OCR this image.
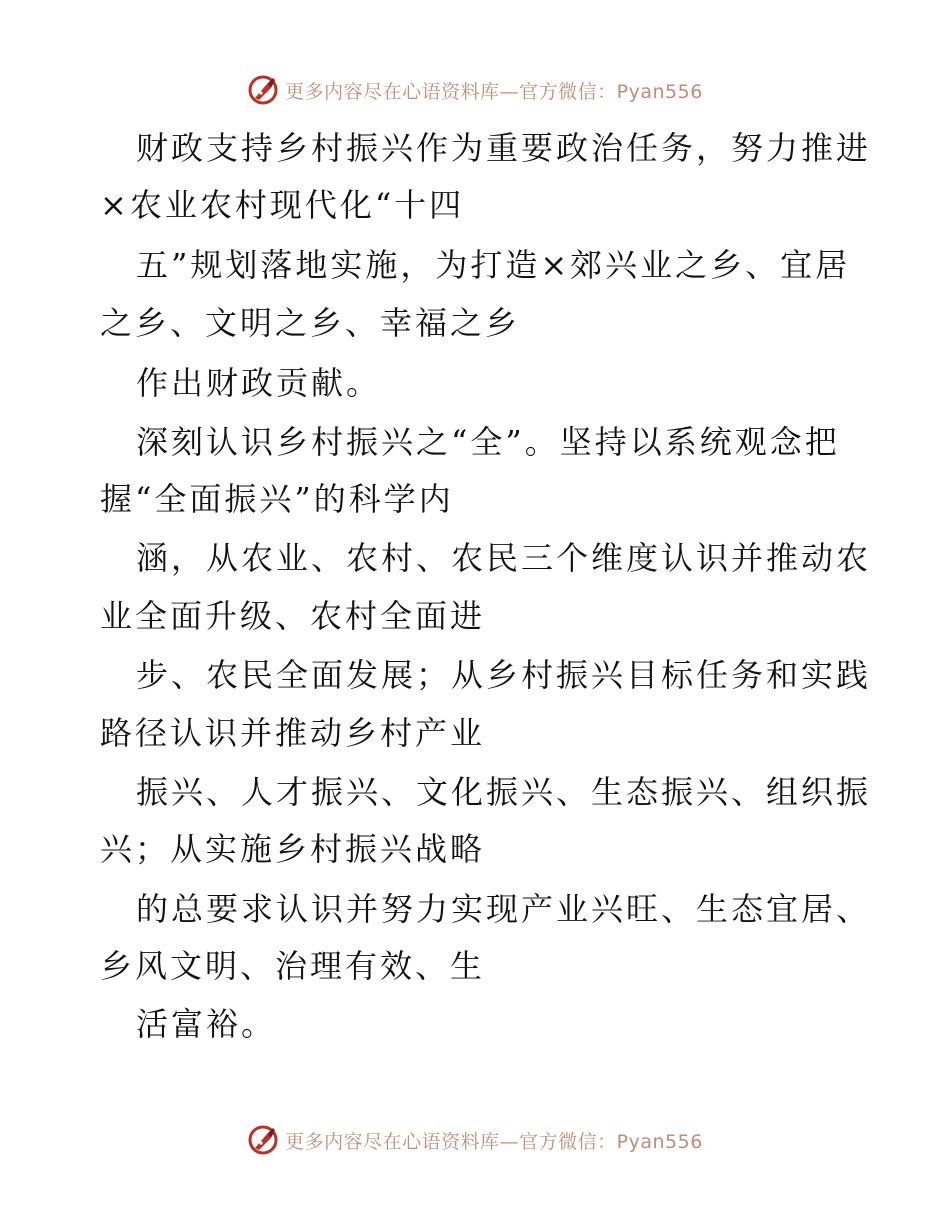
更多内容尽在心语资料库—官方微信：Pyan556
财政支持乡村振兴作为重要政治任务，努力推进
×农业农村现代化“十四
五”规划落地实施，为打造×郊兴业之乡、宜居
之乡、文明之乡、幸福之乡
作出财政贡献。
深刻认识乡村振兴之“全”。坚持以系统观念把
握“全面振兴”的科学内
涵，从农业、农村、农民三个维度认识并推动农
业全面升级、农村全面进
步、农民全面发展；从乡村振兴目标任务和实践
路径认识并推动乡村产业
振兴、人才振兴、文化振兴、生态振兴、组织振
兴；从实施乡村振兴战略
的总要求认识并努力实现产业兴旺、生态宜居、
乡风文明、治理有效、生
活富裕。
更多内容尽在心语资料库—官方微信：Pyan556
